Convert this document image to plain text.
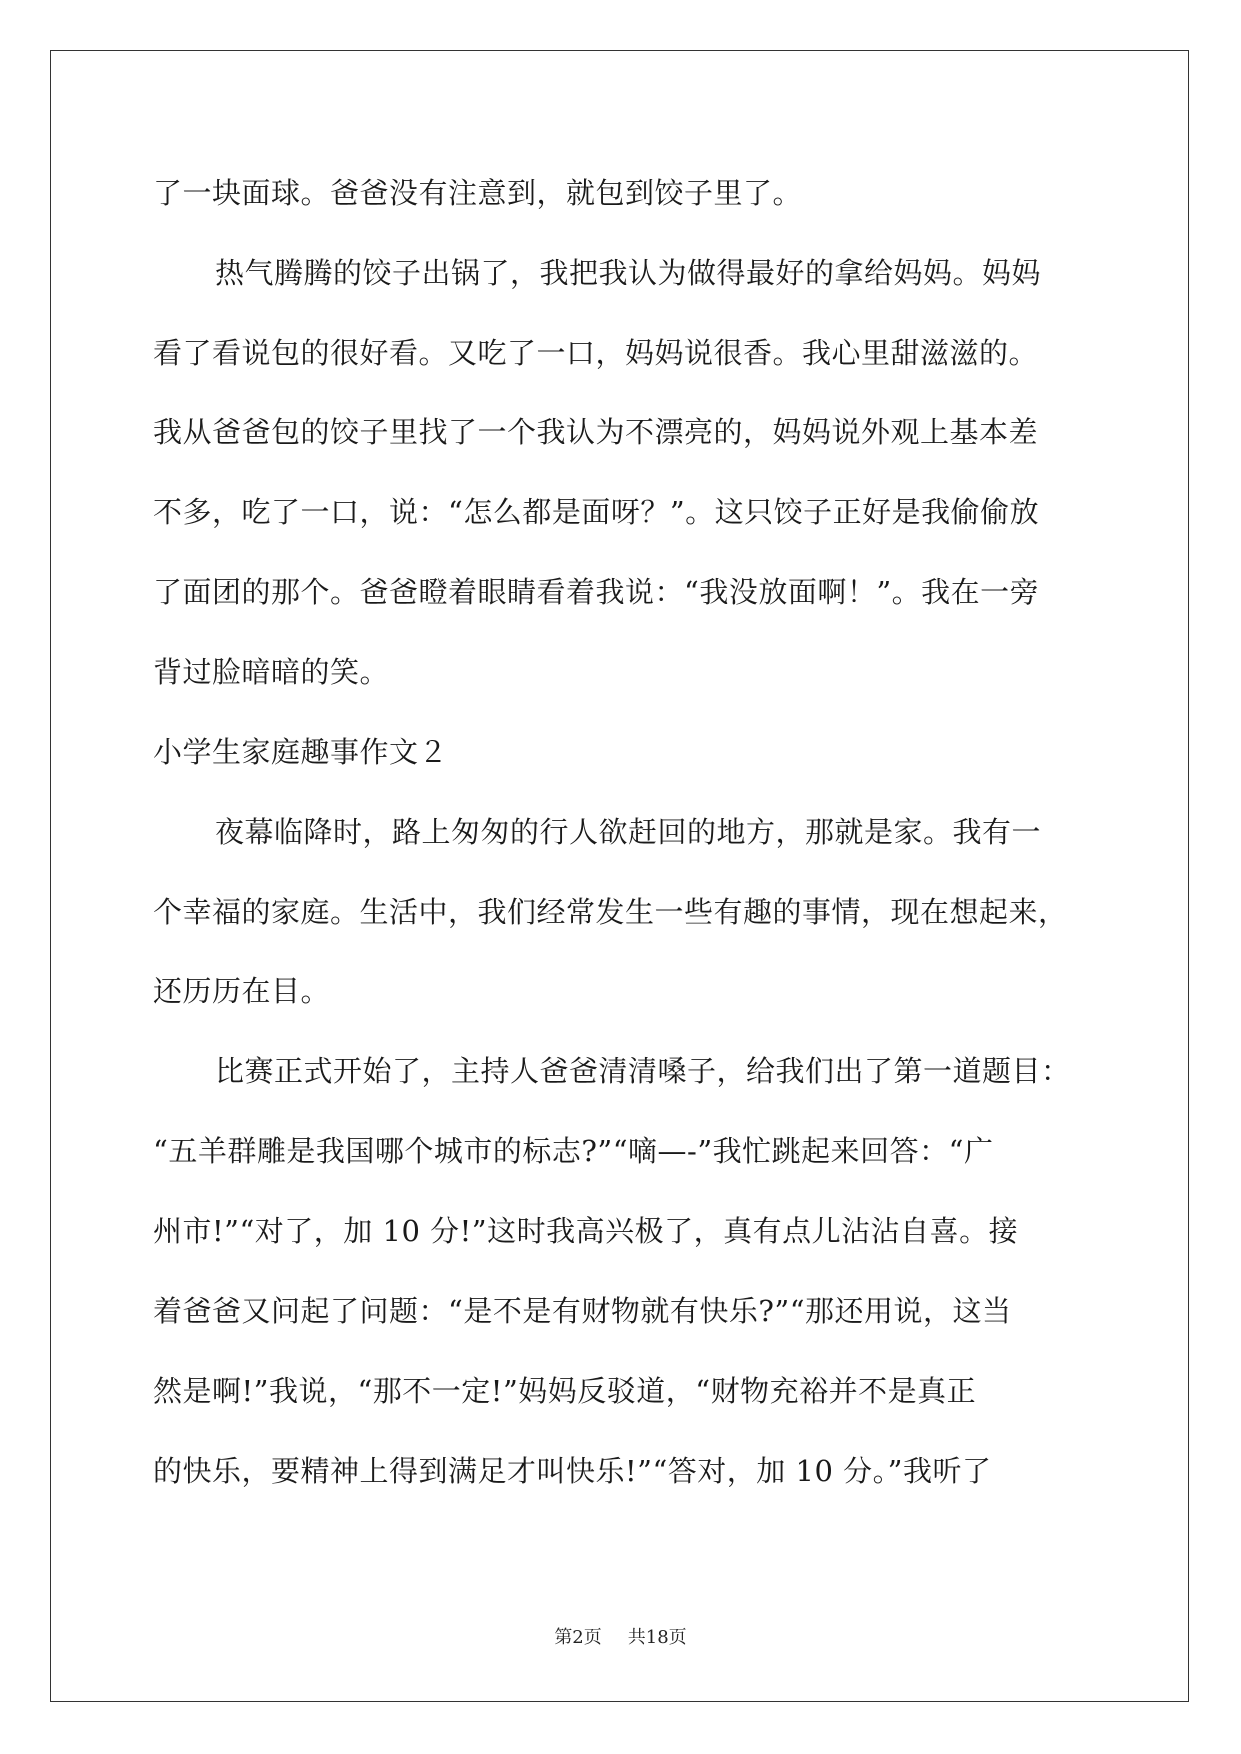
了一块面球。爸爸没有注意到，就包到饺子里了。
热气腾腾的饺子出锅了，我把我认为做得最好的拿给妈妈。妈妈
看了看说包的很好看。又吃了一口，妈妈说很香。我心里甜滋滋的。
我从爸爸包的饺子里找了一个我认为不漂亮的，妈妈说外观上基本差
不多，吃了一口，说：“怎么都是面呀？”。这只饺子正好是我偷偷放
了面团的那个。爸爸瞪着眼睛看着我说：“我没放面啊！”。我在一旁
背过脸暗暗的笑。
小学生家庭趣事作文２
夜幕临降时，路上匆匆的行人欲赶回的地方，那就是家。我有一
个幸福的家庭。生活中，我们经常发生一些有趣的事情，现在想起来，
还历历在目。
比赛正式开始了，主持人爸爸清清嗓子，给我们出了第一道题目：
“五羊群雕是我国哪个城市的标志?”“嘀—-”我忙跳起来回答：“广
州市!”“对了，加 10 分!”这时我高兴极了，真有点儿沾沾自喜。接
着爸爸又问起了问题：“是不是有财物就有快乐?”“那还用说，这当
然是啊!”我说，“那不一定!”妈妈反驳道，“财物充裕并不是真正
的快乐，要精神上得到满足才叫快乐!”“答对，加 10 分。”我听了
第2页 共18页
